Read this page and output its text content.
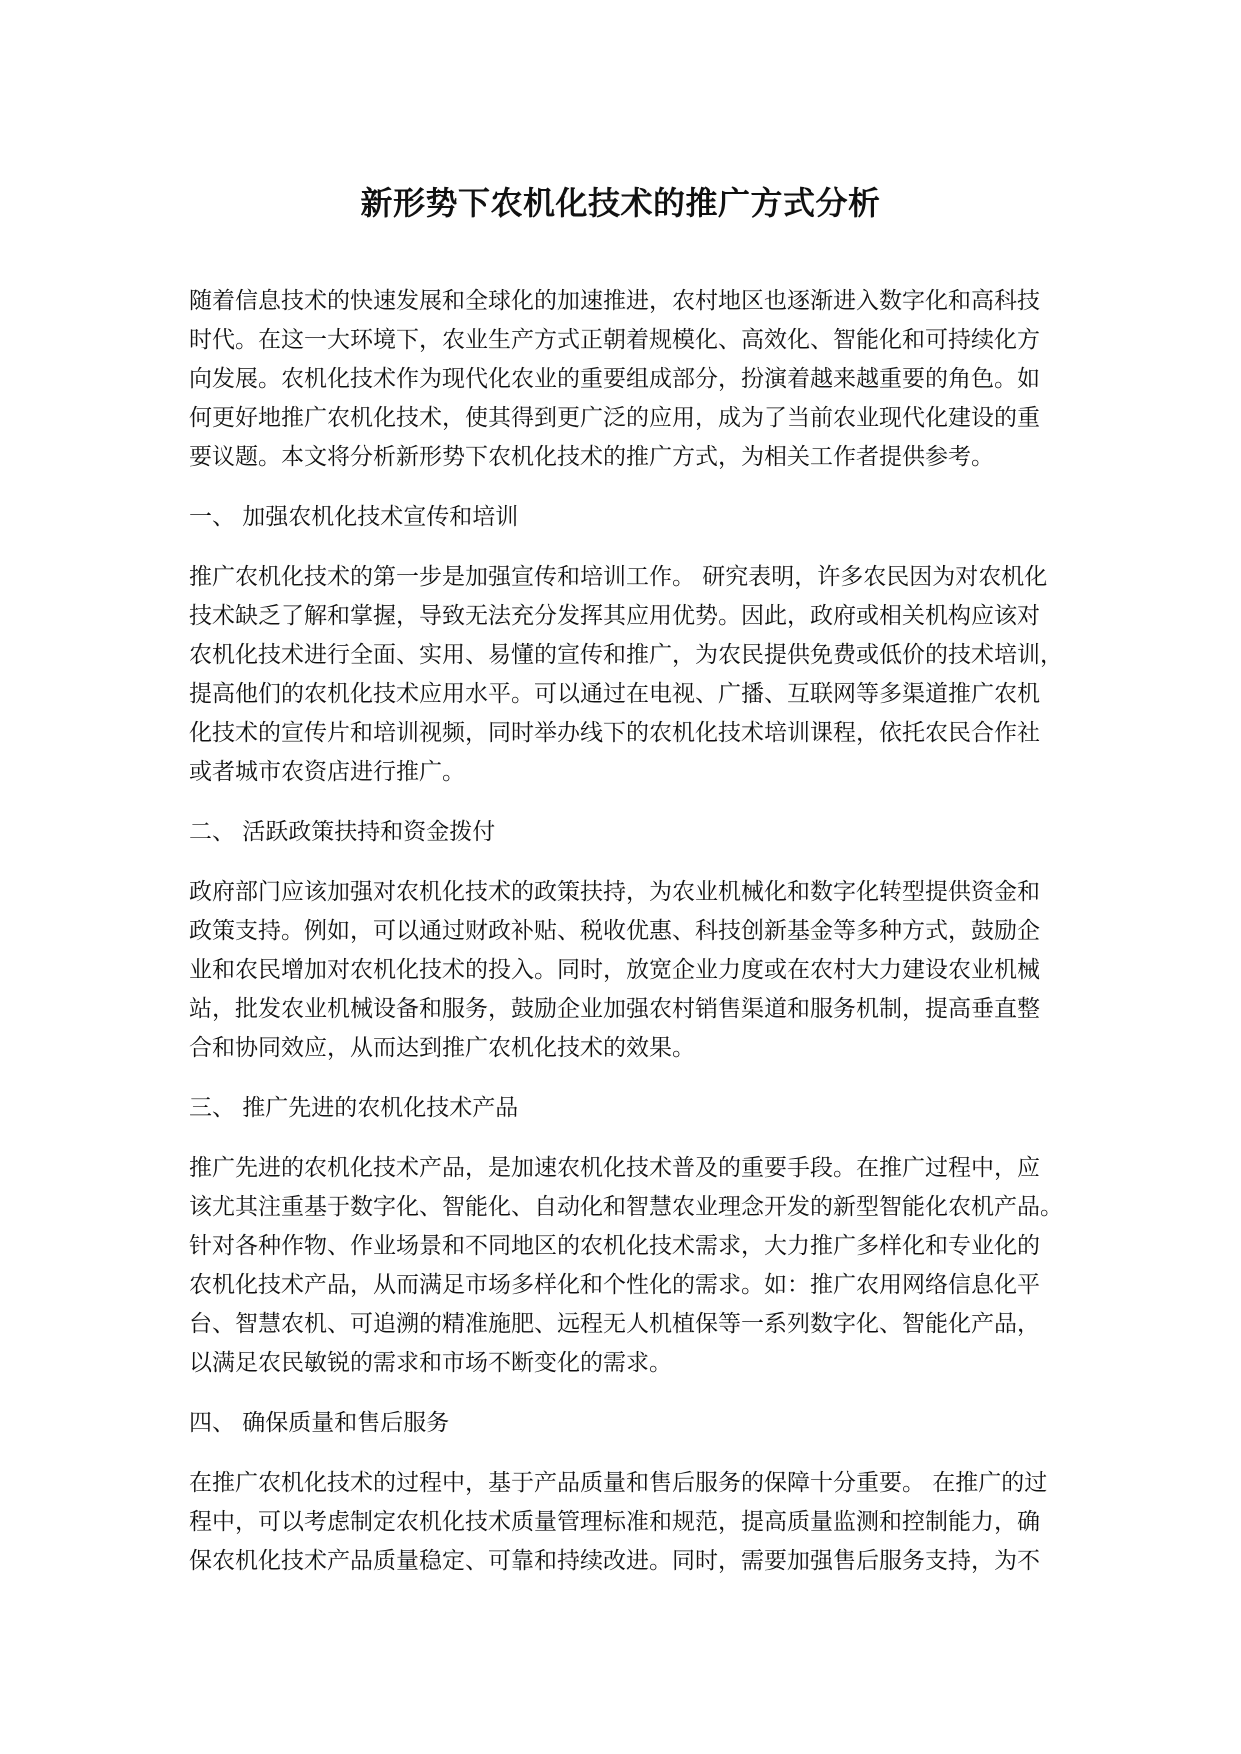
新形势下农机化技术的推广方式分析
随着信息技术的快速发展和全球化的加速推进，农村地区也逐渐进入数字化和高科技
时代。在这一大环境下，农业生产方式正朝着规模化、高效化、智能化和可持续化方
向发展。农机化技术作为现代化农业的重要组成部分，扮演着越来越重要的角色。如
何更好地推广农机化技术，使其得到更广泛的应用，成为了当前农业现代化建设的重
要议题。本文将分析新形势下农机化技术的推广方式，为相关工作者提供参考。
一、 加强农机化技术宣传和培训
推广农机化技术的第一步是加强宣传和培训工作。 研究表明，许多农民因为对农机化
技术缺乏了解和掌握，导致无法充分发挥其应用优势。因此，政府或相关机构应该对
农机化技术进行全面、实用、易懂的宣传和推广，为农民提供免费或低价的技术培训，
提高他们的农机化技术应用水平。可以通过在电视、广播、互联网等多渠道推广农机
化技术的宣传片和培训视频，同时举办线下的农机化技术培训课程，依托农民合作社
或者城市农资店进行推广。
二、 活跃政策扶持和资金拨付
政府部门应该加强对农机化技术的政策扶持，为农业机械化和数字化转型提供资金和
政策支持。例如，可以通过财政补贴、税收优惠、科技创新基金等多种方式，鼓励企
业和农民增加对农机化技术的投入。同时，放宽企业力度或在农村大力建设农业机械
站，批发农业机械设备和服务，鼓励企业加强农村销售渠道和服务机制，提高垂直整
合和协同效应，从而达到推广农机化技术的效果。
三、 推广先进的农机化技术产品
推广先进的农机化技术产品，是加速农机化技术普及的重要手段。在推广过程中，应
该尤其注重基于数字化、智能化、自动化和智慧农业理念开发的新型智能化农机产品。
针对各种作物、作业场景和不同地区的农机化技术需求，大力推广多样化和专业化的
农机化技术产品，从而满足市场多样化和个性化的需求。如：推广农用网络信息化平
台、智慧农机、可追溯的精准施肥、远程无人机植保等一系列数字化、智能化产品，
以满足农民敏锐的需求和市场不断变化的需求。
四、 确保质量和售后服务
在推广农机化技术的过程中，基于产品质量和售后服务的保障十分重要。 在推广的过
程中，可以考虑制定农机化技术质量管理标准和规范，提高质量监测和控制能力，确
保农机化技术产品质量稳定、可靠和持续改进。同时，需要加强售后服务支持，为不
